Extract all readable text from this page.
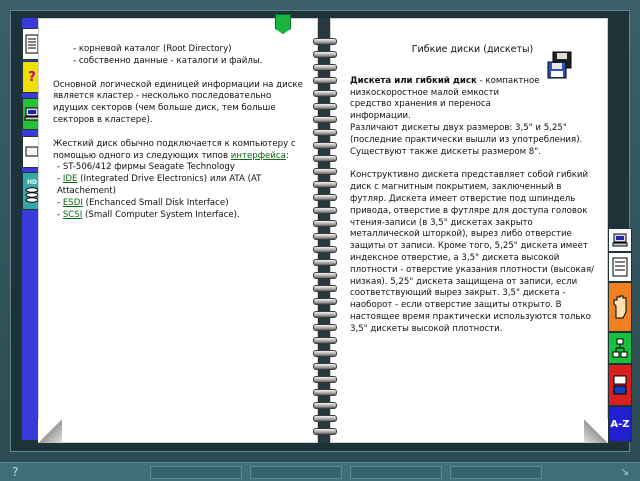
?
HD

- корневой каталог (Root Directory)

- собственно данные - каталоги и файлы.

Основной логической единицей информации на диске является кластер - несколько последовательно идущих секторов (чем больше диск, тем больше секторов в кластере).

Жесткий диск обычно подключается к компьютеру с помощью одного из следующих типов интерфейса:

- ST-506/412 фирмы Seagate Technology

- IDE (Integrated Drive Electronics) или ATA (AT Attachement)

- ESDI (Enchanced Small Disk Interface)

- SCSI (Small Computer System Interface).

Гибкие диски (дискеты)

Дискета или гибкий диск - компактное низкоскоростное малой емкости средство хранения и переноса информации.

Различают дискеты двух размеров: 3,5" и 5,25" (последние практически вышли из употребления). Существуют также дискеты размером 8".

Конструктивно дискета представляет собой гибкий диск с магнитным покрытием, заключенный в футляр. Дискета имеет отверстие под шпиндель привода, отверстие в футляре для доступа головок чтения-записи (в 3,5" дискетах закрыто металлической шторкой), вырез либо отверстие защиты от записи. Кроме того, 5,25" дискета имеет индексное отверстие, а 3,5" дискета высокой плотности - отверстие указания плотности (высокая/низкая). 5,25" дискета защищена от записи, если соответствующий вырез закрыт. 3,5" дискета - наоборот - если отверстие защиты открыто. В настоящее время практически используются только 3,5" дискеты высокой плотности.

A-Z
?	↘
